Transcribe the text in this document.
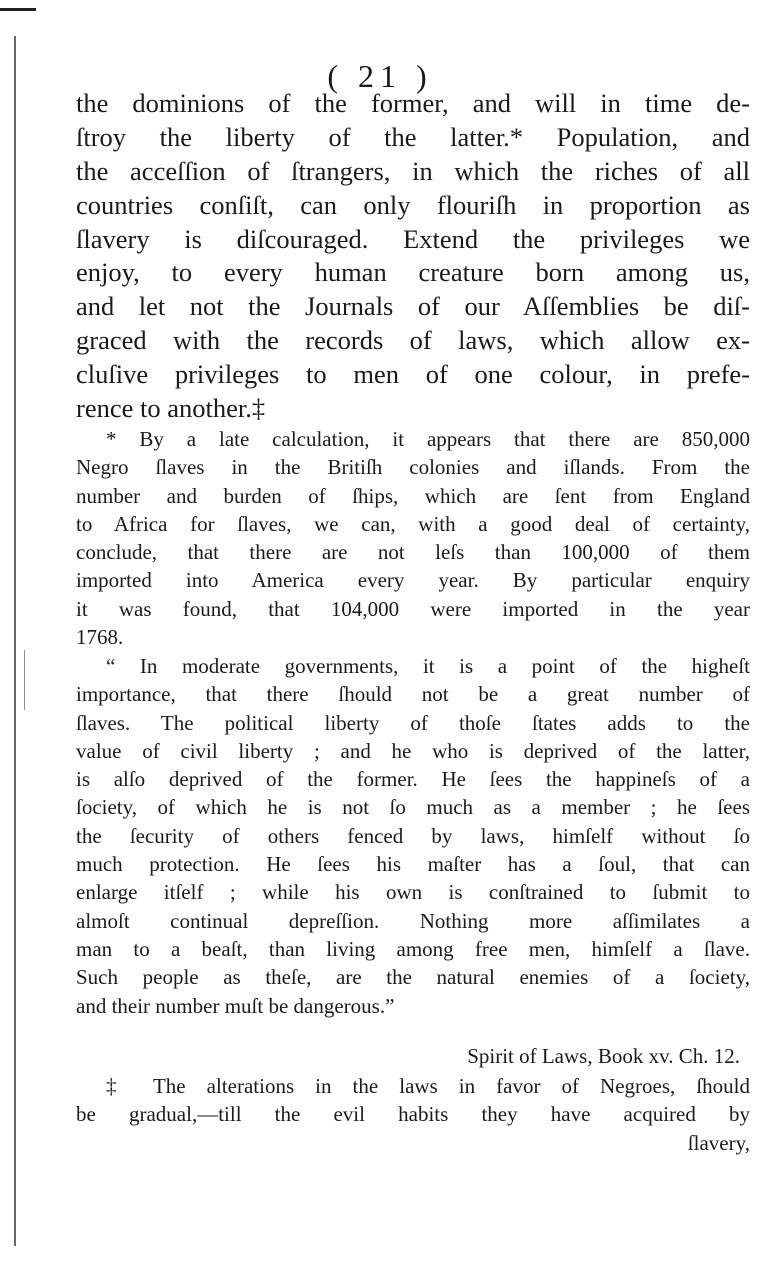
( 21 )
the dominions of the former, and will in time de-
ſtroy the liberty of the latter.* Population, and
the acceſſion of ſtrangers, in which the riches of all
countries conſiſt, can only flouriſh in proportion as
ſlavery is diſcouraged. Extend the privileges we
enjoy, to every human creature born among us,
and let not the Journals of our Aſſemblies be diſ-
graced with the records of laws, which allow ex-
cluſive privileges to men of one colour, in prefe-
rence to another.‡
* By a late calculation, it appears that there are 850,000
Negro ſlaves in the Britiſh colonies and iſlands. From the
number and burden of ſhips, which are ſent from England
to Africa for ſlaves, we can, with a good deal of certainty,
conclude, that there are not leſs than 100,000 of them
imported into America every year. By particular enquiry
it was found, that 104,000 were imported in the year
1768.
“ In moderate governments, it is a point of the higheſt
importance, that there ſhould not be a great number of
ſlaves. The political liberty of thoſe ſtates adds to the
value of civil liberty ; and he who is deprived of the latter,
is alſo deprived of the former. He ſees the happineſs of a
ſociety, of which he is not ſo much as a member ; he ſees
the ſecurity of others fenced by laws, himſelf without ſo
much protection. He ſees his maſter has a ſoul, that can
enlarge itſelf ; while his own is conſtrained to ſubmit to
almoſt continual depreſſion. Nothing more aſſimilates a
man to a beaſt, than living among free men, himſelf a ſlave.
Such people as theſe, are the natural enemies of a ſociety,
and their number muſt be dangerous.”
Spirit of Laws, Book xv. Ch. 12.
‡ The alterations in the laws in favor of Negroes, ſhould
be gradual,—till the evil habits they have acquired by
ſlavery,
